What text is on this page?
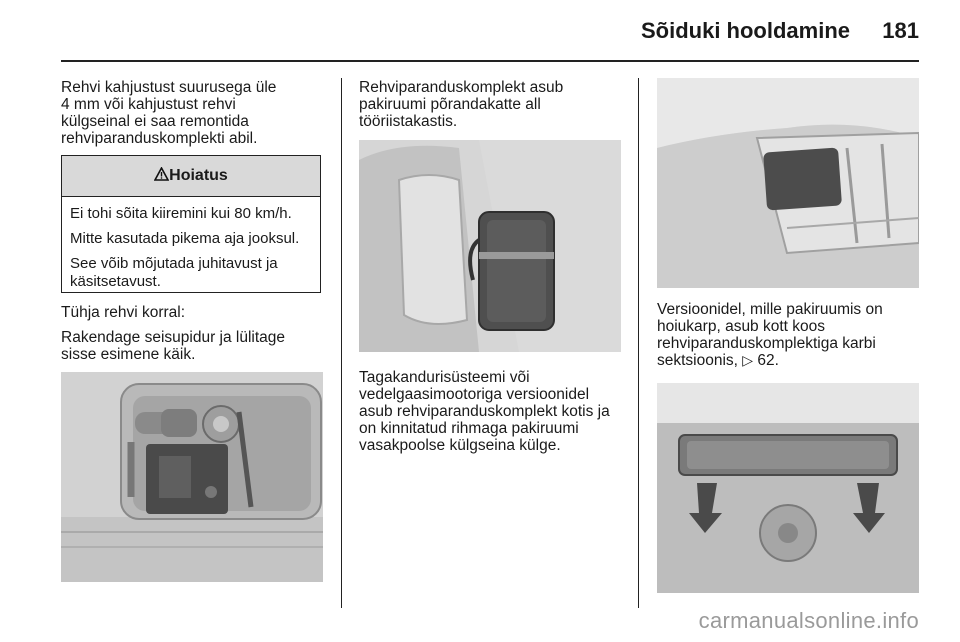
Sõiduki hooldamine 181
Rehvi kahjustust suurusega üle
4 mm või kahjustust rehvi
külgseinal ei saa remontida
rehviparanduskomplekti abil.
Hoiatus

Ei tohi sõita kiiremini kui 80 km/h.

Mitte kasutada pikema aja jooksul.

See võib mõjutada juhitavust ja
käsitsetavust.

Tühja rehvi korral:
Rakendage seisupidur ja lülitage
sisse esimene käik.
Rehviparanduskomplekt asub
pakiruumi põrandakatte all
tööriistakastis.
Tagakandurisüsteemi või
vedelgaasimootoriga versioonidel
asub rehviparanduskomplekt kotis ja
on kinnitatud rihmaga pakiruumi
vasakpoolse külgseina külge.
Versioonidel, mille pakiruumis on
hoiukarp, asub kott koos
rehviparanduskomplektiga karbi
sektsioonis, ▷ 62.
carmanualsonline.info
